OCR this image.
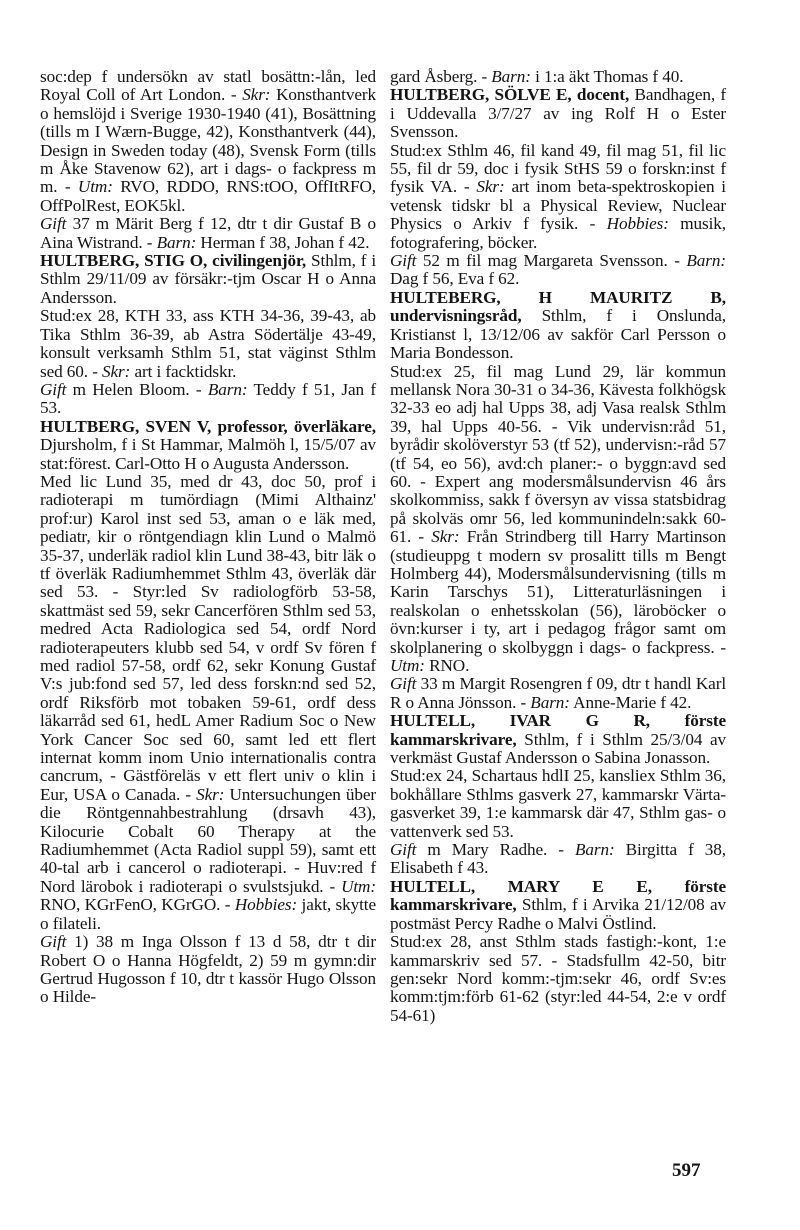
soc:dep f undersökn av statl bosättn:-lån, led Royal Coll of Art London. - Skr: Konsthantverk o hemslöjd i Sverige 1930-1940 (41), Bosättning (tills m I Wærn-Bugge, 42), Konsthantverk (44), Design in Sweden today (48), Svensk Form (tills m Åke Stavenow 62), art i dags- o fackpress m m. - Utm: RVO, RDDO, RNS:tOO, OffItRFO, OffPolRest, EOK5kl.

Gift 37 m Märit Berg f 12, dtr t dir Gustaf B o Aina Wistrand. - Barn: Herman f 38, Johan f 42.

HULTBERG, STIG O, civilingenjör, Sthlm, f i Sthlm 29/11/09 av försäkr:-tjm Oscar H o Anna Andersson.

Stud:ex 28, KTH 33, ass KTH 34-36, 39-43, ab Tika Sthlm 36-39, ab Astra Södertälje 43-49, konsult verksamh Sthlm 51, stat väginst Sthlm sed 60. - Skr: art i facktidskr.

Gift m Helen Bloom. - Barn: Teddy f 51, Jan f 53.

HULTBERG, SVEN V, professor, överläkare, Djursholm, f i St Hammar, Malmöh l, 15/5/07 av stat:förest. Carl-Otto H o Augusta Andersson.

Med lic Lund 35, med dr 43, doc 50, prof i radioterapi m tumördiagn (Mimi Althainz' prof:ur) Karol inst sed 53, aman o e läk med, pediatr, kir o röntgendiagn klin Lund o Malmö 35-37, underläk radiol klin Lund 38-43, bitr läk o tf överläk Radiumhemmet Sthlm 43, överläk där sed 53. - Styr:led Sv radiologförb 53-58, skattmäst sed 59, sekr Cancerfören Sthlm sed 53, medred Acta Radiologica sed 54, ordf Nord radioterapeuters klubb sed 54, v ordf Sv fören f med radiol 57-58, ordf 62, sekr Konung Gustaf V:s jub:fond sed 57, led dess forskn:nd sed 52, ordf Riksförb mot tobaken 59-61, ordf dess läkarråd sed 61, hedL Amer Radium Soc o New York Cancer Soc sed 60, samt led ett flert internat komm inom Unio internationalis contra cancrum, - Gästföreläs v ett flert univ o klin i Eur, USA o Canada. - Skr: Untersuchungen über die Röntgennahbestrahlung (drsavh 43), Kilocurie Cobalt 60 Therapy at the Radiumhemmet (Acta Radiol suppl 59), samt ett 40-tal arb i cancerol o radioterapi. - Huv:red f Nord lärobok i radioterapi o svulstsjukd. - Utm: RNO, KGrFenO, KGrGO. - Hobbies: jakt, skytte o filateli.

Gift 1) 38 m Inga Olsson f 13 d 58, dtr t dir Robert O o Hanna Högfeldt, 2) 59 m gymn:dir Gertrud Hugosson f 10, dtr t kassör Hugo Olsson o Hilde-

gard Åsberg. - Barn: i 1:a äkt Thomas f 40.

HULTBERG, SÖLVE E, docent, Bandhagen, f i Uddevalla 3/7/27 av ing Rolf H o Ester Svensson.

Stud:ex Sthlm 46, fil kand 49, fil mag 51, fil lic 55, fil dr 59, doc i fysik StHS 59 o forskn:inst f fysik VA. - Skr: art inom beta-spektroskopien i vetensk tidskr bl a Physical Review, Nuclear Physics o Arkiv f fysik. - Hobbies: musik, fotografering, böcker.

Gift 52 m fil mag Margareta Svensson. - Barn: Dag f 56, Eva f 62.

HULTEBERG, H MAURITZ B, undervisningsråd, Sthlm, f i Onslunda, Kristianst l, 13/12/06 av sakför Carl Persson o Maria Bondesson.

Stud:ex 25, fil mag Lund 29, lär kommun mellansk Nora 30-31 o 34-36, Kävesta folkhögsk 32-33 eo adj hal Upps 38, adj Vasa realsk Sthlm 39, hal Upps 40-56. - Vik undervisn:råd 51, byrådir skolöverstyr 53 (tf 52), undervisn:-råd 57 (tf 54, eo 56), avd:ch planer:- o byggn:avd sed 60. - Expert ang modersmålsundervisn 46 års skolkommiss, sakk f översyn av vissa statsbidrag på skolväs omr 56, led kommunindeln:sakk 60-61. - Skr: Från Strindberg till Harry Martinson (studieuppg t modern sv prosalitt tills m Bengt Holmberg 44), Modersmålsundervisning (tills m Karin Tarschys 51), Litteraturläsningen i realskolan o enhetsskolan (56), läroböcker o övn:kurser i ty, art i pedagog frågor samt om skolplanering o skolbyggn i dags- o fackpress. - Utm: RNO.

Gift 33 m Margit Rosengren f 09, dtr t handl Karl R o Anna Jönsson. - Barn: Anne-Marie f 42.

HULTELL, IVAR G R, förste kammarskrivare, Sthlm, f i Sthlm 25/3/04 av verkmäst Gustaf Andersson o Sabina Jonasson.

Stud:ex 24, Schartaus hdlI 25, kansliex Sthlm 36, bokhållare Sthlms gasverk 27, kammarskr Värta-gasverket 39, 1:e kammarsk där 47, Sthlm gas- o vattenverk sed 53.

Gift m Mary Radhe. - Barn: Birgitta f 38, Elisabeth f 43.

HULTELL, MARY E E, förste kammarskrivare, Sthlm, f i Arvika 21/12/08 av postmäst Percy Radhe o Malvi Östlind.

Stud:ex 28, anst Sthlm stads fastigh:-kont, 1:e kammarskriv sed 57. - Stadsfullm 42-50, bitr gen:sekr Nord komm:-tjm:sekr 46, ordf Sv:es komm:tjm:förb 61-62 (styr:led 44-54, 2:e v ordf 54-61)

597
